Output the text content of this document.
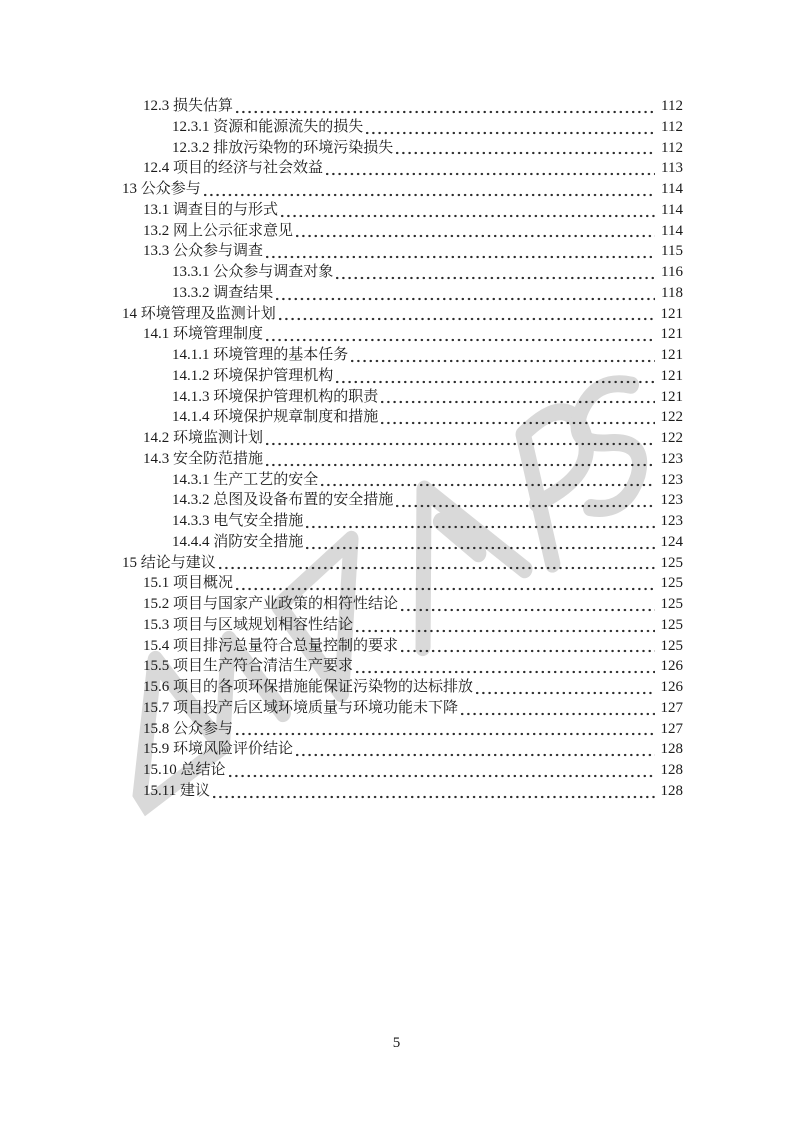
12.3 损失估算	112
12.3.1 资源和能源流失的损失	112
12.3.2 排放污染物的环境污染损失	112
12.4 项目的经济与社会效益	113
13 公众参与	114
13.1 调查目的与形式	114
13.2 网上公示征求意见	114
13.3 公众参与调查	115
13.3.1 公众参与调查对象	116
13.3.2 调查结果	118
14 环境管理及监测计划	121
14.1 环境管理制度	121
14.1.1 环境管理的基本任务	121
14.1.2 环境保护管理机构	121
14.1.3 环境保护管理机构的职责	121
14.1.4 环境保护规章制度和措施	122
14.2 环境监测计划	122
14.3 安全防范措施	123
14.3.1 生产工艺的安全	123
14.3.2 总图及设备布置的安全措施	123
14.3.3 电气安全措施	123
14.4.4 消防安全措施	124
15 结论与建议	125
15.1 项目概况	125
15.2 项目与国家产业政策的相符性结论	125
15.3 项目与区域规划相容性结论	125
15.4 项目排污总量符合总量控制的要求	125
15.5 项目生产符合清洁生产要求	126
15.6 项目的各项环保措施能保证污染物的达标排放	126
15.7 项目投产后区域环境质量与环境功能未下降	127
15.8 公众参与	127
15.9 环境风险评价结论	128
15.10 总结论	128
15.11 建议	128
5
